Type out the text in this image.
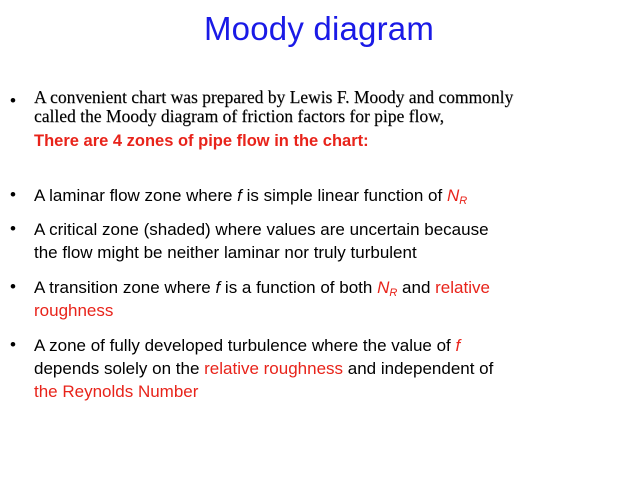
Moody diagram
• A convenient chart was prepared by Lewis F. Moody and commonly
called the Moody diagram of friction factors for pipe flow,
There are 4 zones of pipe flow in the chart:
• A laminar flow zone where f is simple linear function of $N_R$
• A critical zone (shaded) where values are uncertain because
the flow might be neither laminar nor truly turbulent
• A transition zone where f is a function of both $N_R$ and relative
roughness
• A zone of fully developed turbulence where the value of f
depends solely on the relative roughness and independent of
the Reynolds Number
